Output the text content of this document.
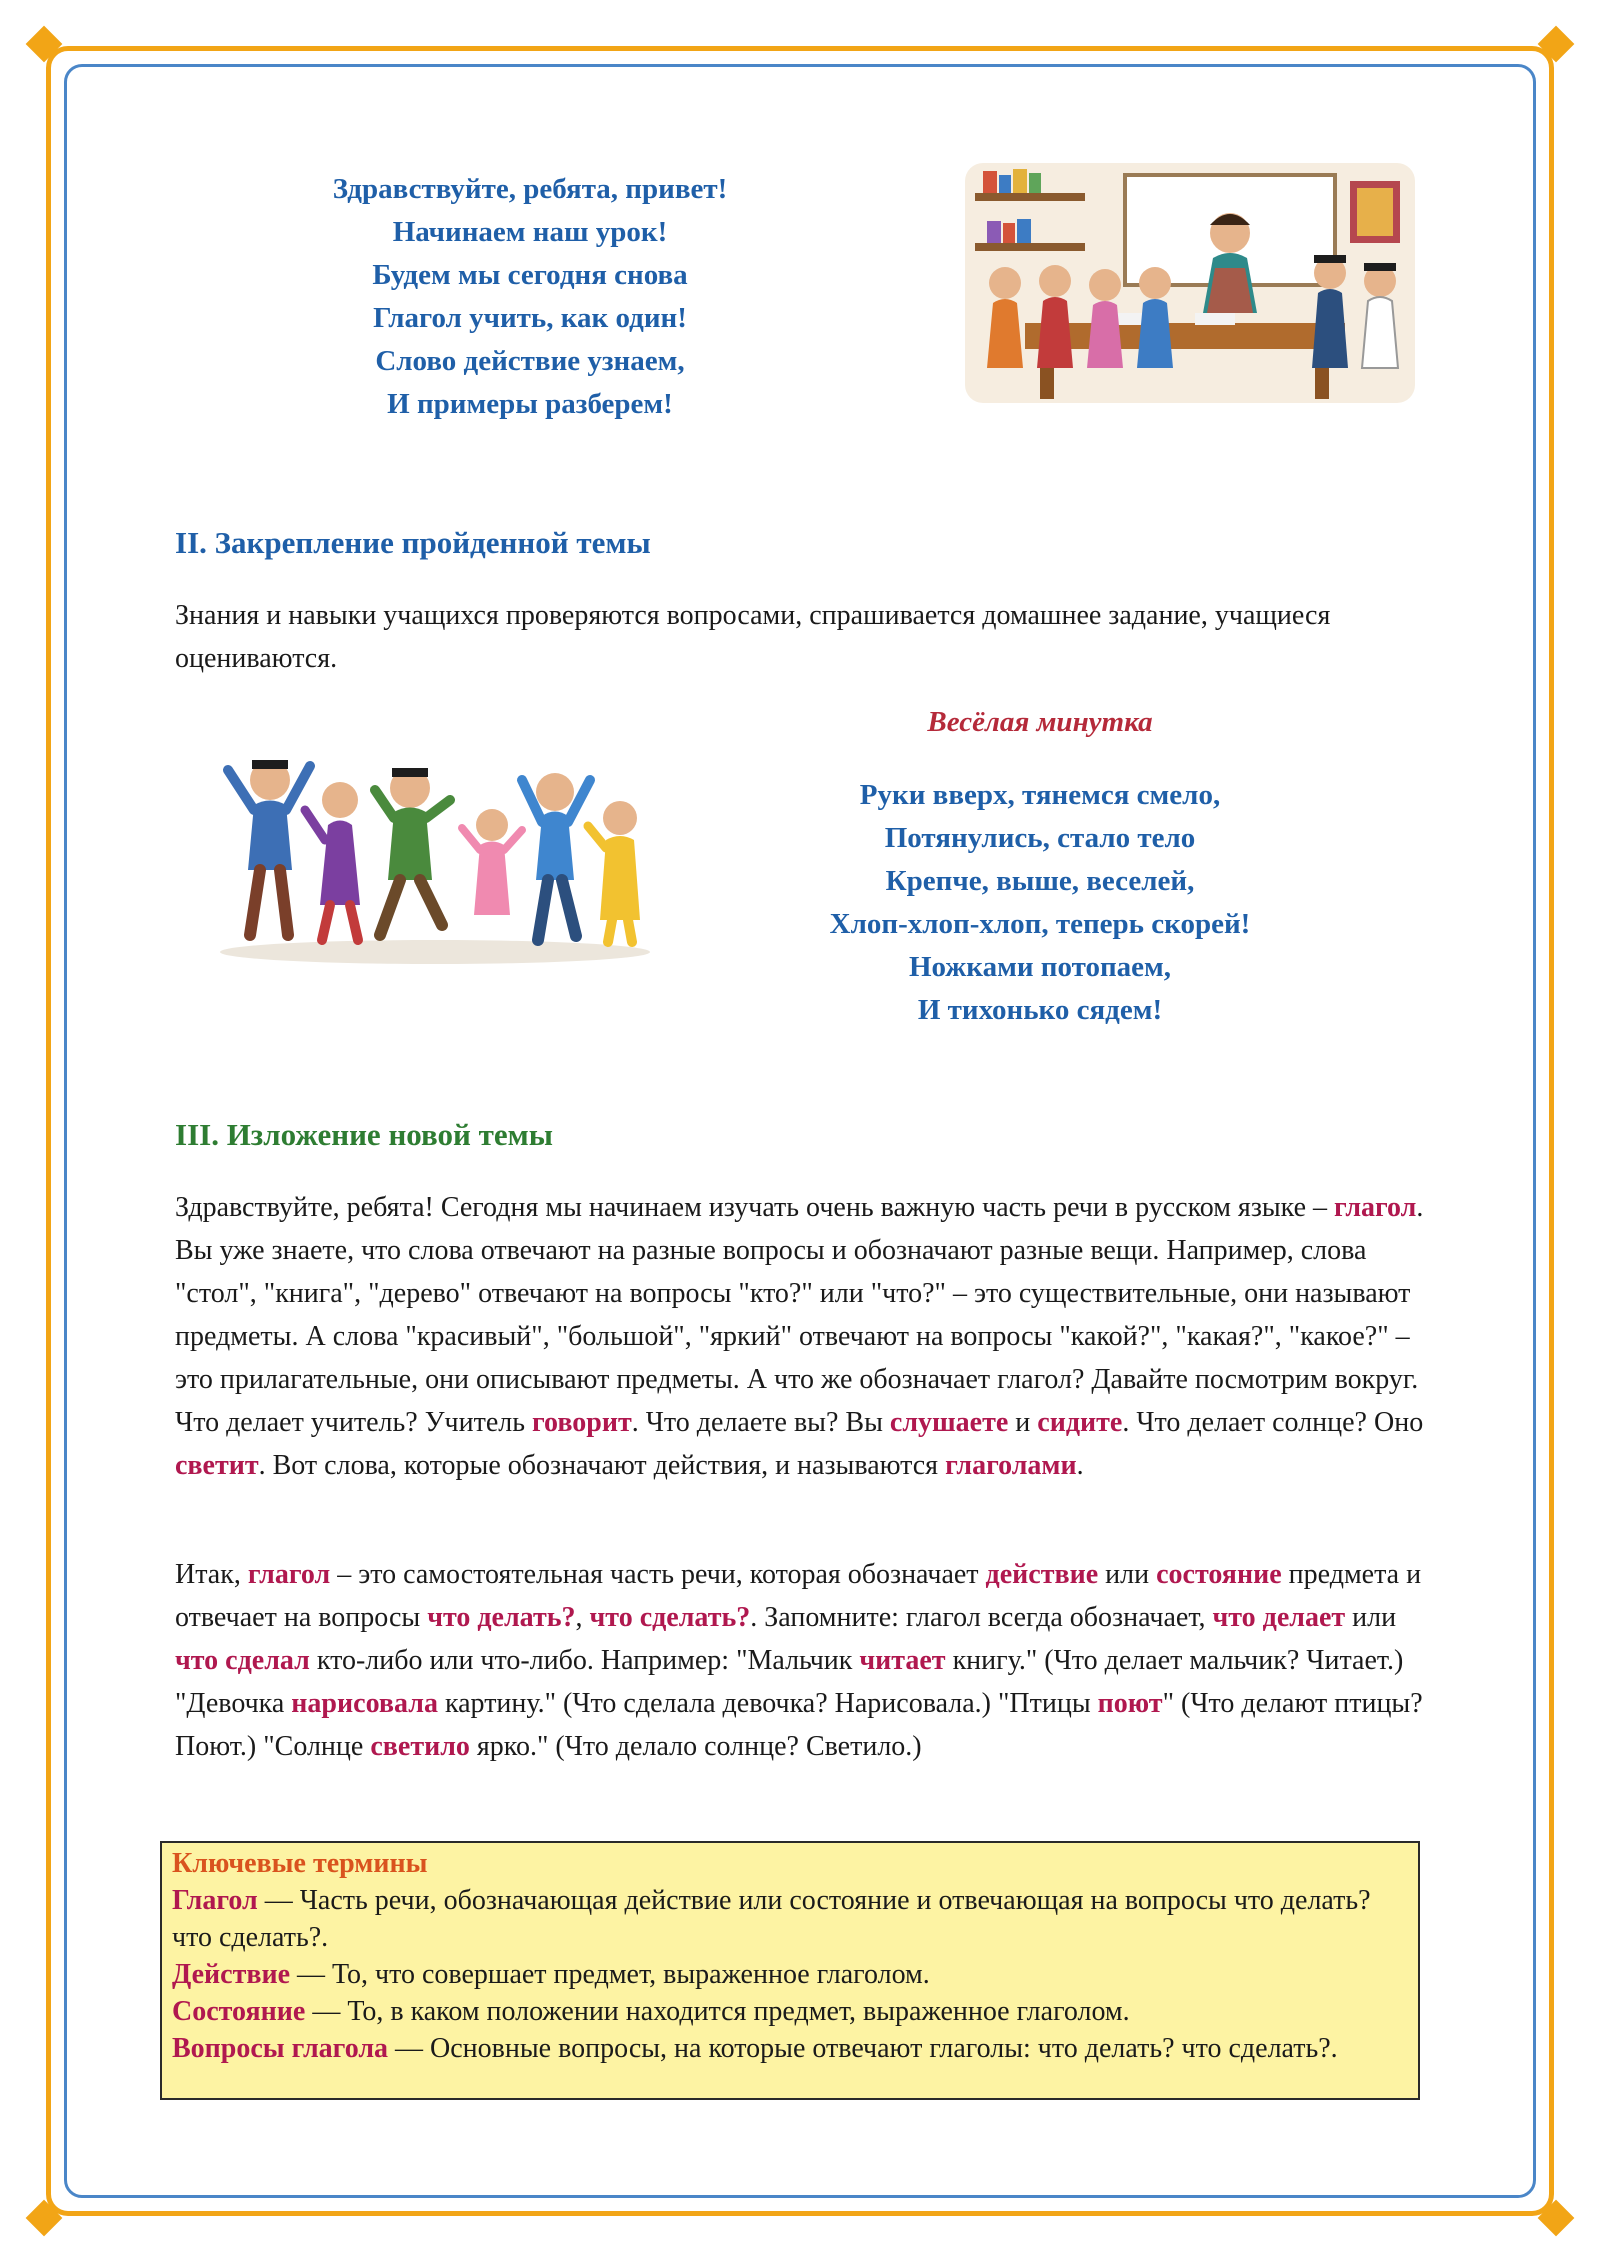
Здравствуйте, ребята, привет!
Начинаем наш урок!
Будем мы сегодня снова
Глагол учить, как один!
Слово действие узнаем,
И примеры разберем!
II. Закрепление пройденной темы
Знания и навыки учащихся проверяются вопросами, спрашивается домашнее задание, учащиеся оцениваются.
Весёлая минутка
Руки вверх, тянемся смело,
Потянулись, стало тело
Крепче, выше, веселей,
Хлоп-хлоп-хлоп, теперь скорей!
Ножками потопаем,
И тихонько сядем!
III. Изложение новой темы
Здравствуйте, ребята! Сегодня мы начинаем изучать очень важную часть речи в русском языке – глагол. Вы уже знаете, что слова отвечают на разные вопросы и обозначают разные вещи. Например, слова "стол", "книга", "дерево" отвечают на вопросы "кто?" или "что?" – это существительные, они называют предметы. А слова "красивый", "большой", "яркий" отвечают на вопросы "какой?", "какая?", "какое?" – это прилагательные, они описывают предметы. А что же обозначает глагол? Давайте посмотрим вокруг. Что делает учитель? Учитель говорит. Что делаете вы? Вы слушаете и сидите. Что делает солнце? Оно светит. Вот слова, которые обозначают действия, и называются глаголами.
Итак, глагол – это самостоятельная часть речи, которая обозначает действие или состояние предмета и отвечает на вопросы что делать?, что сделать?. Запомните: глагол всегда обозначает, что делает или что сделал кто-либо или что-либо. Например: "Мальчик читает книгу." (Что делает мальчик? Читает.) "Девочка нарисовала картину." (Что сделала девочка? Нарисовала.) "Птицы поют" (Что делают птицы? Поют.) "Солнце светило ярко." (Что делало солнце? Светило.)
Ключевые термины
Глагол — Часть речи, обозначающая действие или состояние и отвечающая на вопросы что делать? что сделать?.
Действие — То, что совершает предмет, выраженное глаголом.
Состояние — То, в каком положении находится предмет, выраженное глаголом.
Вопросы глагола — Основные вопросы, на которые отвечают глаголы: что делать? что сделать?.
